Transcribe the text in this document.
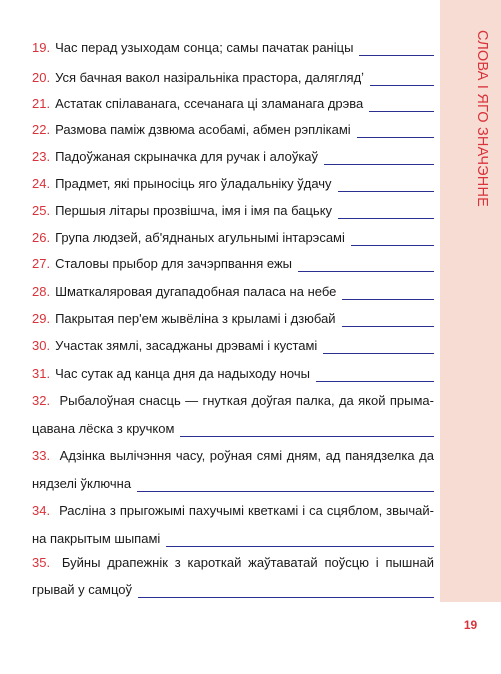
СЛОВА І ЯГО ЗНАЧЭННЕ
19. Час перад узыходам сонца; самы пачатак раніцы
20. Уся бачная вакол назіральніка прастора, даляглядʼ
21. Астатак спілаванага, ссечанага ці зламанага дрэва
22. Размова паміж дзвюма асобамі, абмен рэплікамі
23. Падоўжаная скрыначка для ручак і алоўкаў
24. Прадмет, які прыносіць яго ўладальніку ўдачу
25. Першыя літары прозвішча, імя і імя па бацьку
26. Група людзей, аб'яднаных агульнымі інтарэсамі
27. Сталовы прыбор для зачэрпвання ежы
28. Шматкаляровая дугападобная паласа на небе
29. Пакрытая пер'ем жывёліна з крыламі і дзюбай
30. Участак зямлі, засаджаны дрэвамі і кустамі
31. Час сутак ад канца дня да надыходу ночы
32. Рыбалоўная снасць — гнуткая доўгая палка, да якой прыма-
цавана лёска з кручком
33. Адзінка вылічэння часу, роўная сямі дням, ад панядзелка да
нядзелі ўключна
34. Расліна з прыгожымі пахучымі кветкамі і са сцяблом, звычай-
на пакрытым шыпамі
35. Буйны драпежнік з кароткай жаўтаватай поўсцю і пышнай
грывай у самцоў
19
